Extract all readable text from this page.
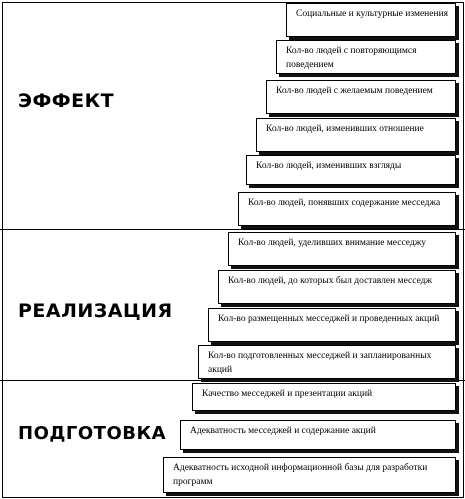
ЭФФЕКТ
РЕАЛИЗАЦИЯ
ПОДГОТОВКА
Социальные и культурные изменения
Кол-во людей с повторяющимся поведением
Кол-во людей с желаемым поведением
Кол-во людей, изменивших отношение
Кол-во людей, изменивших взгляды
Кол-во людей, понявших содержание месседжа
Кол-во людей, уделивших внимание месседжу
Кол-во людей, до которых был доставлен месседж
Кол-во размещенных месседжей и проведенных акций
Кол-во подготовленных месседжей и запланированных акций
Качество месседжей и презентации акций
Адекватность месседжей и содержание акций
Адекватность исходной информационной базы для разработки программ
